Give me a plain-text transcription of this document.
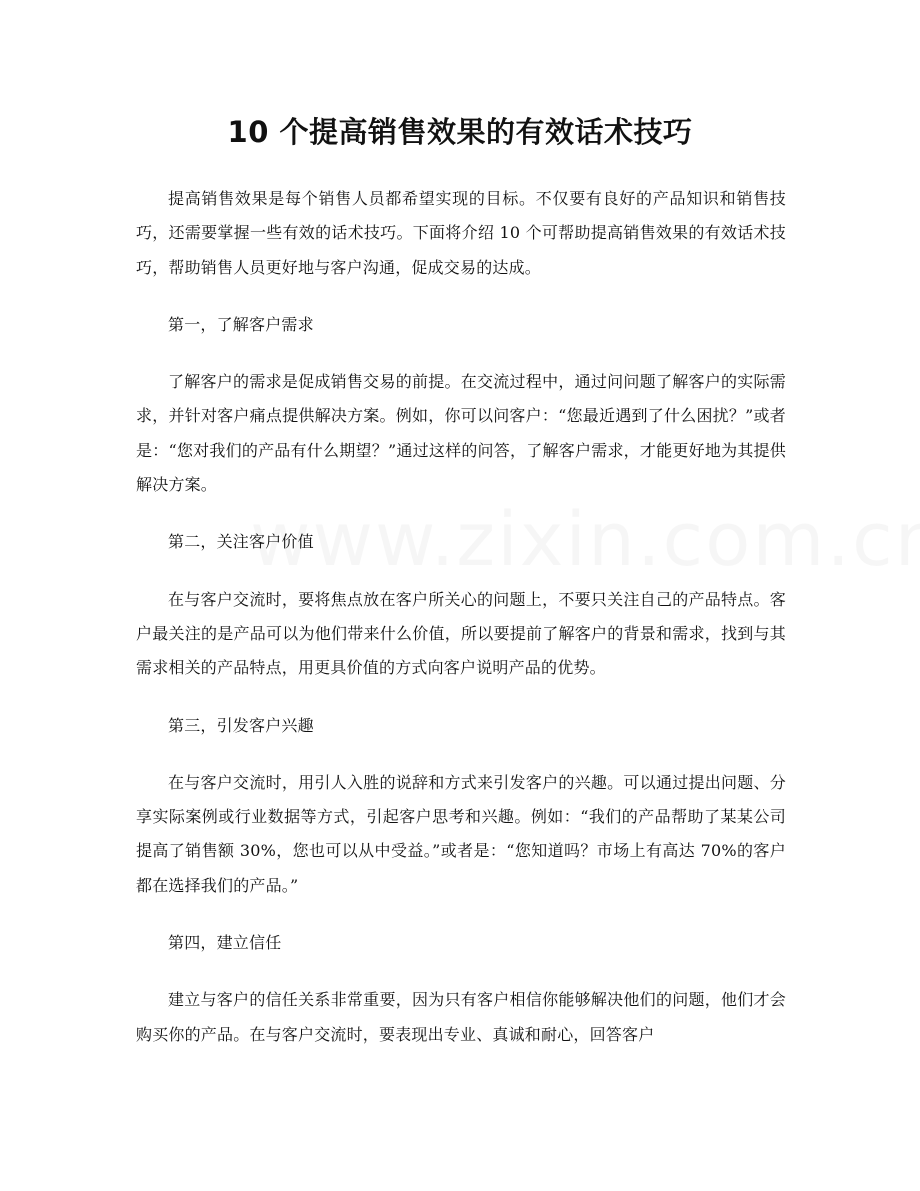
10 个提高销售效果的有效话术技巧

提高销售效果是每个销售人员都希望实现的目标。不仅要有良好的产品知识和销售技巧，还需要掌握一些有效的话术技巧。下面将介绍 10 个可帮助提高销售效果的有效话术技巧，帮助销售人员更好地与客户沟通，促成交易的达成。

第一，了解客户需求

了解客户的需求是促成销售交易的前提。在交流过程中，通过问问题了解客户的实际需求，并针对客户痛点提供解决方案。例如，你可以问客户：“您最近遇到了什么困扰？”或者是：“您对我们的产品有什么期望？”通过这样的问答，了解客户需求，才能更好地为其提供解决方案。

第二，关注客户价值

在与客户交流时，要将焦点放在客户所关心的问题上，不要只关注自己的产品特点。客户最关注的是产品可以为他们带来什么价值，所以要提前了解客户的背景和需求，找到与其需求相关的产品特点，用更具价值的方式向客户说明产品的优势。

第三，引发客户兴趣

在与客户交流时，用引人入胜的说辞和方式来引发客户的兴趣。可以通过提出问题、分享实际案例或行业数据等方式，引起客户思考和兴趣。例如：“我们的产品帮助了某某公司提高了销售额 30%，您也可以从中受益。”或者是：“您知道吗？市场上有高达 70%的客户都在选择我们的产品。”

第四，建立信任

建立与客户的信任关系非常重要，因为只有客户相信你能够解决他们的问题，他们才会购买你的产品。在与客户交流时，要表现出专业、真诚和耐心，回答客户
